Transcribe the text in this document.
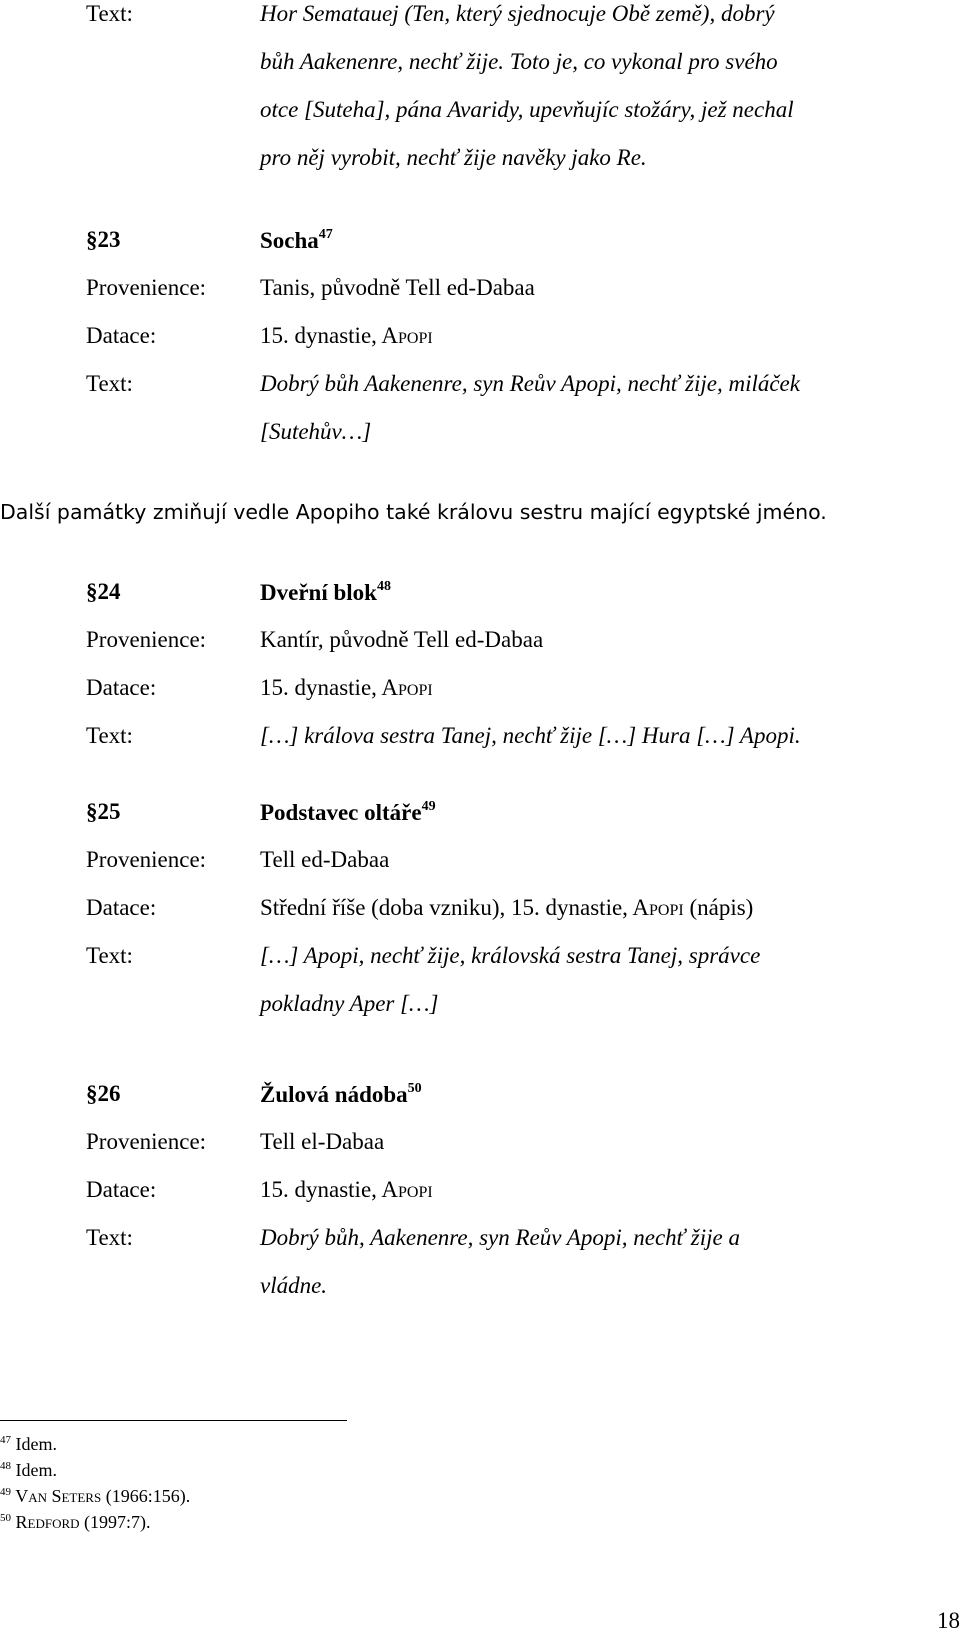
Text:	Hor Sematauej (Ten, který sjednocuje Obě země), dobrý
bůh Aakenenre, nechť žije. Toto je, co vykonal pro svého
otce [Suteha], pána Avaridy, upevňujíc stožáry, jež nechal
pro něj vyrobit, nechť žije navěky jako Re.
§23	Socha$^{47}$
Provenience: Tanis, původně Tell ed-Dabaa
Datace:	15. dynastie, Apopi
Text:	Dobrý bůh Aakenenre, syn Reův Apopi, nechť žije, miláček
[Sutehův…]
Další památky zmiňují vedle Apopiho také královu sestru mající egyptské jméno.
§24	Dveřní blok$^{48}$
Provenience: Kantír, původně Tell ed-Dabaa
Datace:	15. dynastie, Apopi
Text:	[…] králova sestra Tanej, nechť žije […] Hura […] Apopi.
§25	Podstavec oltáře$^{49}$
Provenience: Tell ed-Dabaa
Datace:	Střední říše (doba vzniku), 15. dynastie, Apopi (nápis)
Text:	[…] Apopi, nechť žije, královská sestra Tanej, správce
pokladny Aper […]
§26	Žulová nádoba$^{50}$
Provenience: Tell el-Dabaa
Datace:	15. dynastie, Apopi
Text:	Dobrý bůh, Aakenenre, syn Reův Apopi, nechť žije a
vládne.
$^{47}$ Idem.
$^{48}$ Idem.
$^{49}$ Van Seters (1966:156).
$^{50}$ Redford (1997:7).
18
